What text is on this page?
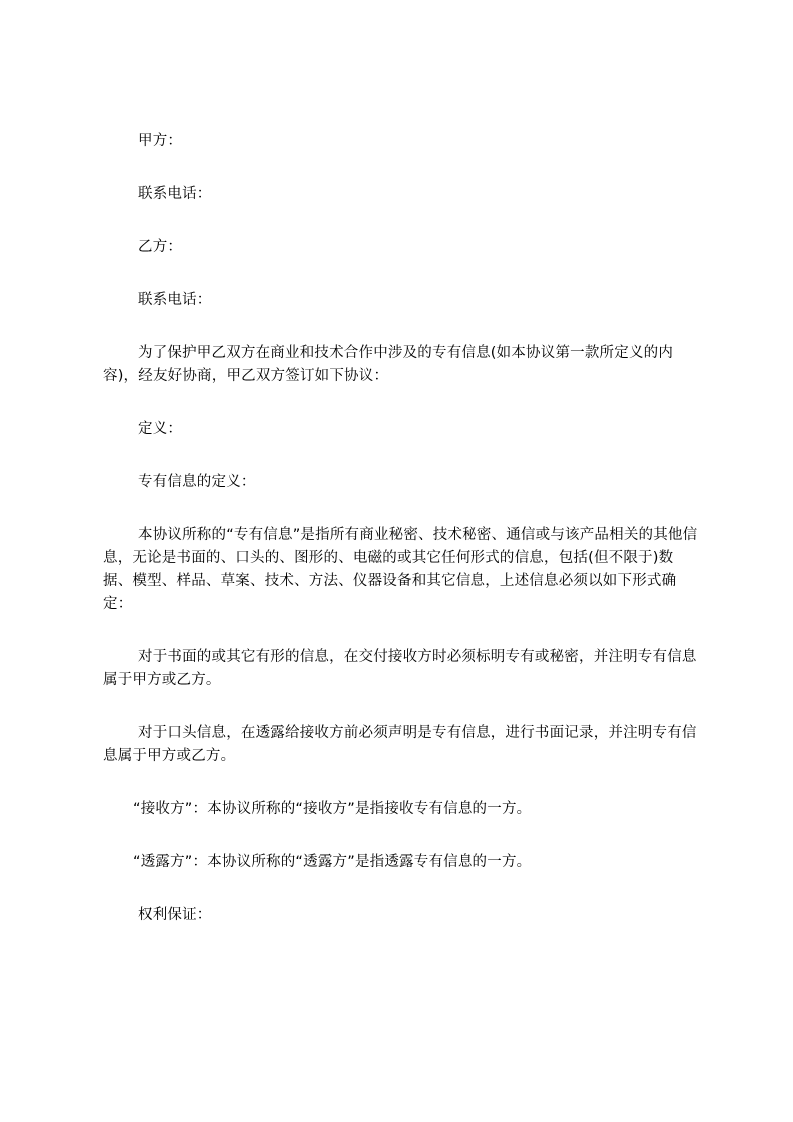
甲方：

联系电话：

乙方：

联系电话：

为了保护甲乙双方在商业和技术合作中涉及的专有信息(如本协议第一款所定义的内容)，经友好协商，甲乙双方签订如下协议：

定义：

专有信息的定义：

本协议所称的“专有信息”是指所有商业秘密、技术秘密、通信或与该产品相关的其他信息，无论是书面的、口头的、图形的、电磁的或其它任何形式的信息，包括(但不限于)数据、模型、样品、草案、技术、方法、仪器设备和其它信息，上述信息必须以如下形式确定：

对于书面的或其它有形的信息，在交付接收方时必须标明专有或秘密，并注明专有信息属于甲方或乙方。

对于口头信息，在透露给接收方前必须声明是专有信息，进行书面记录，并注明专有信息属于甲方或乙方。

“接收方”：本协议所称的“接收方”是指接收专有信息的一方。

“透露方”：本协议所称的“透露方”是指透露专有信息的一方。

权利保证：
